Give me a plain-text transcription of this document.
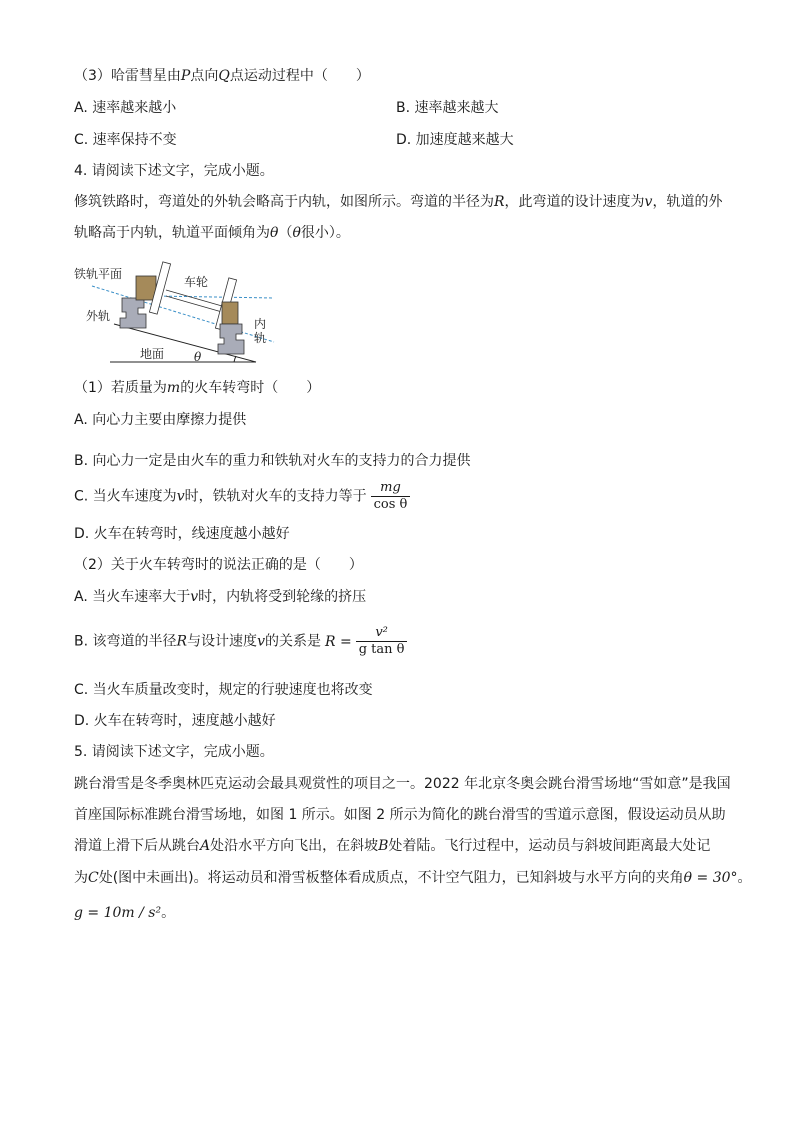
（3）哈雷彗星由P点向Q点运动过程中（　　）
A. 速率越来越小	B. 速率越来越大
C. 速率保持不变	D. 加速度越来越大
4. 请阅读下述文字，完成小题。
修筑铁路时，弯道处的外轨会略高于内轨，如图所示。弯道的半径为R，此弯道的设计速度为v，轨道的外
轨略高于内轨，轨道平面倾角为θ（θ很小）。
铁轨平面
车轮
外轨
内
轨
地面 θ
（1）若质量为m的火车转弯时（　　）
A. 向心力主要由摩擦力提供
B. 向心力一定是由火车的重力和铁轨对火车的支持力的合力提供
C. 当火车速度为v时，铁轨对火车的支持力等于 $\frac{mg}{\text{cos θ}}$
D. 火车在转弯时，线速度越小越好
（2）关于火车转弯时的说法正确的是（　　）
A. 当火车速率大于v时，内轨将受到轮缘的挤压
B. 该弯道的半径R与设计速度v的关系是 $R = \frac{\text{v²}}{\text{g tan θ}}$
C. 当火车质量改变时，规定的行驶速度也将改变
D. 火车在转弯时，速度越小越好
5. 请阅读下述文字，完成小题。
跳台滑雪是冬季奥林匹克运动会最具观赏性的项目之一。2022 年北京冬奥会跳台滑雪场地“雪如意”是我国
首座国际标准跳台滑雪场地，如图 1 所示。如图 2 所示为简化的跳台滑雪的雪道示意图，假设运动员从助
滑道上滑下后从跳台A处沿水平方向飞出，在斜坡B处着陆。飞行过程中，运动员与斜坡间距离最大处记
为C处(图中未画出)。将运动员和滑雪板整体看成质点，不计空气阻力，已知斜坡与水平方向的夹角θ = 30°。
g = 10m / s²。
